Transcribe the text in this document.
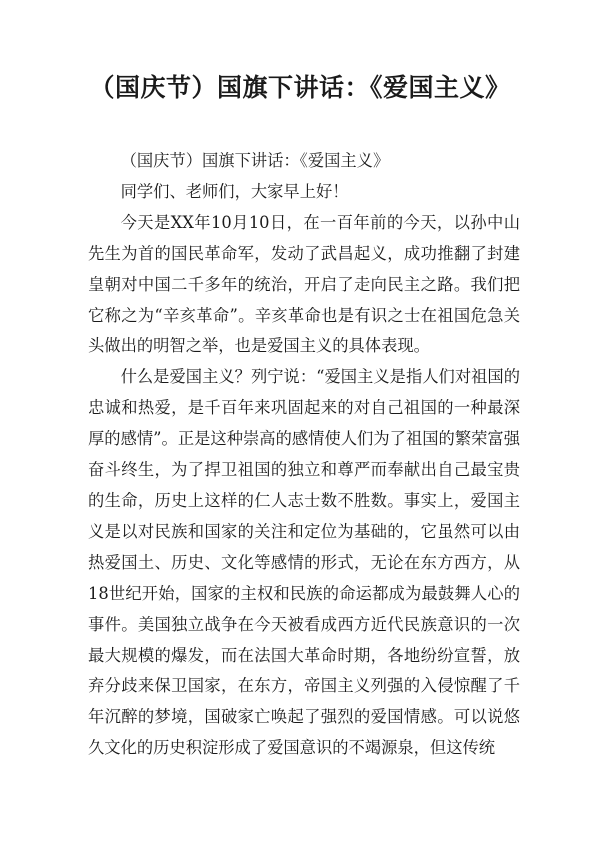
（国庆节）国旗下讲话：《爱国主义》

（国庆节）国旗下讲话：《爱国主义》

同学们、老师们，大家早上好！

今天是XX年10月10日，在一百年前的今天，以孙中山先生为首的国民革命军，发动了武昌起义，成功推翻了封建皇朝对中国二千多年的统治，开启了走向民主之路。我们把它称之为“辛亥革命”。辛亥革命也是有识之士在祖国危急关头做出的明智之举，也是爱国主义的具体表现。

什么是爱国主义？列宁说：“爱国主义是指人们对祖国的忠诚和热爱，是千百年来巩固起来的对自己祖国的一种最深厚的感情”。正是这种崇高的感情使人们为了祖国的繁荣富强奋斗终生，为了捍卫祖国的独立和尊严而奉献出自己最宝贵的生命，历史上这样的仁人志士数不胜数。事实上，爱国主义是以对民族和国家的关注和定位为基础的，它虽然可以由热爱国土、历史、文化等感情的形式，无论在东方西方，从18世纪开始，国家的主权和民族的命运都成为最鼓舞人心的事件。美国独立战争在今天被看成西方近代民族意识的一次最大规模的爆发，而在法国大革命时期，各地纷纷宣誓，放弃分歧来保卫国家，在东方，帝国主义列强的入侵惊醒了千年沉醉的梦境，国破家亡唤起了强烈的爱国情感。可以说悠久文化的历史积淀形成了爱国意识的不竭源泉，但这传统
